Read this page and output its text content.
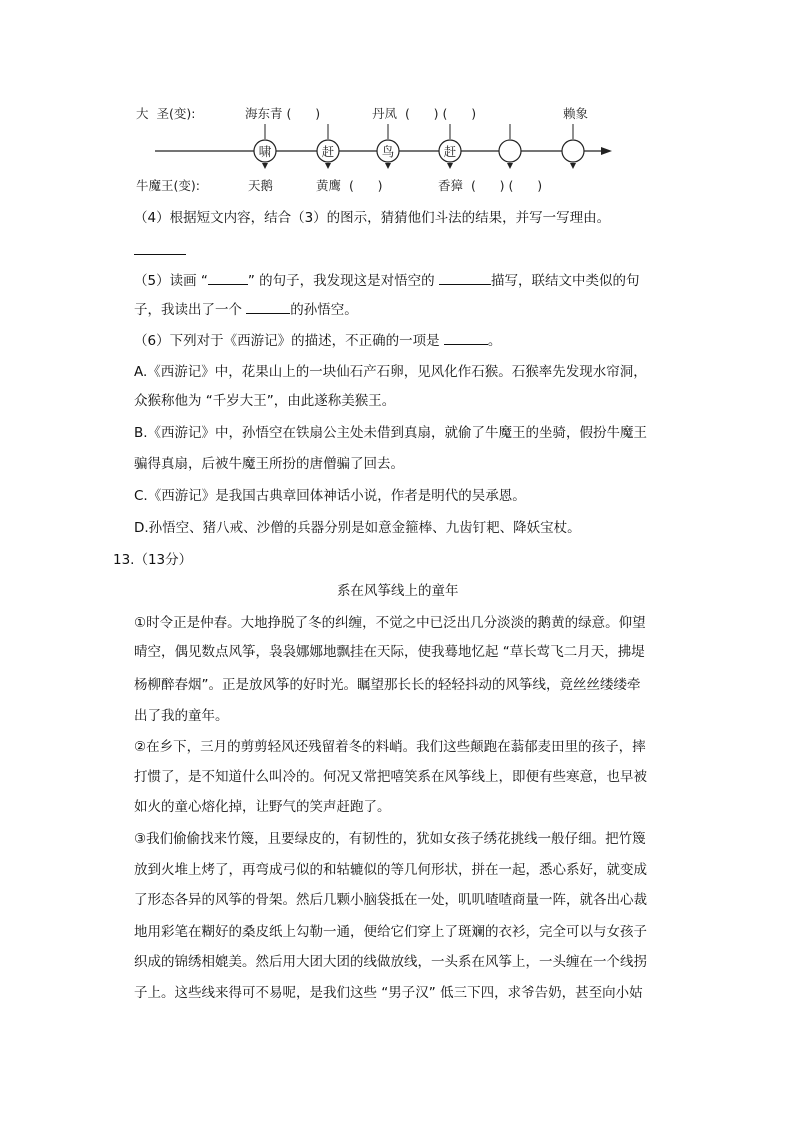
大  圣(变):	海东青 (      )	丹凤  (      ) (      )	赖象
啸	赶	鸟	赶
牛魔王(变):	天鹅	黄鹰  (      )	香獐  (      ) (      )
（4）根据短文内容，结合（3）的图示，猜猜他们斗法的结果，并写一写理由。
（5）读画 “	” 的句子，我发现这是对悟空的	描写，联结文中类似的句
子，我读出了一个	的孙悟空。
（6）下列对于《西游记》的描述，不正确的一项是	。
A.《西游记》中，花果山上的一块仙石产石卵，见风化作石猴。石猴率先发现水帘洞，
众猴称他为 “千岁大王”，由此遂称美猴王。
B.《西游记》中，孙悟空在铁扇公主处未借到真扇，就偷了牛魔王的坐骑，假扮牛魔王
骗得真扇，后被牛魔王所扮的唐僧骗了回去。
C.《西游记》是我国古典章回体神话小说，作者是明代的吴承恩。
D.孙悟空、猪八戒、沙僧的兵器分别是如意金箍棒、九齿钉耙、降妖宝杖。
13.（13分）
系在风筝线上的童年
①时令正是仲春。大地挣脱了冬的纠缠，不觉之中已泛出几分淡淡的鹅黄的绿意。仰望
晴空，偶见数点风筝，袅袅娜娜地飘挂在天际，使我蓦地忆起 “草长莺飞二月天，拂堤
杨柳醉春烟”。正是放风筝的好时光。瞩望那长长的轻轻抖动的风筝线，竟丝丝缕缕牵
出了我的童年。
②在乡下，三月的剪剪轻风还残留着冬的料峭。我们这些颠跑在蓊郁麦田里的孩子，摔
打惯了，是不知道什么叫冷的。何况又常把嘻笑系在风筝线上，即便有些寒意，也早被
如火的童心熔化掉，让野气的笑声赶跑了。
③我们偷偷找来竹篾，且要绿皮的，有韧性的，犹如女孩子绣花挑线一般仔细。把竹篾
放到火堆上烤了，再弯成弓似的和轱辘似的等几何形状，拼在一起，悉心系好，就变成
了形态各异的风筝的骨架。然后几颗小脑袋抵在一处，叽叽喳喳商量一阵，就各出心裁
地用彩笔在糊好的桑皮纸上勾勒一通，便给它们穿上了斑斓的衣衫，完全可以与女孩子
织成的锦绣相媲美。然后用大团大团的线做放线，一头系在风筝上，一头缠在一个线拐
子上。这些线来得可不易呢，是我们这些 “男子汉” 低三下四，求爷告奶，甚至向小姑
